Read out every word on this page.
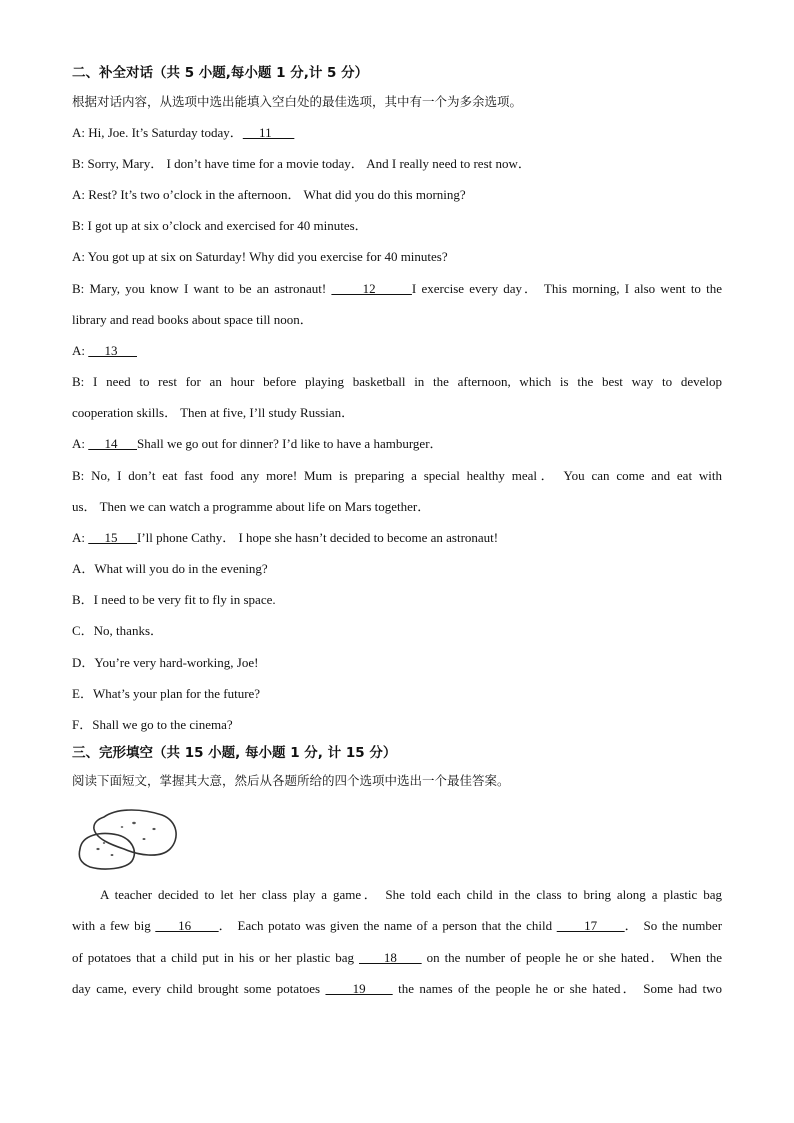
二、补全对话（共 5 小题,每小题 1 分,计 5 分）
根据对话内容，从选项中选出能填入空白处的最佳选项，其中有一个为多余选项。
A: Hi, Joe. It’s Saturday today．     11
B: Sorry, Mary． I don’t have time for a movie today． And I really need to rest now．
A: Rest? It’s two o’clock in the afternoon． What did you do this morning?
B: I got up at six o’clock and exercised for 40 minutes．
A: You got up at six on Saturday! Why did you exercise for 40 minutes?
B: Mary, you know I want to be an astronaut!       12       I exercise every day． This morning, I also went to the
library and read books about space till noon．
A:      13
B: I need to rest for an hour before playing basketball in the afternoon, which is the best way to develop
cooperation skills． Then at five, I’ll study Russian．
A:      14      Shall we go out for dinner? I’d like to have a hamburger．
B: No, I don’t eat fast food any more! Mum is preparing a special healthy meal． You can come and eat with
us． Then we can watch a programme about life on Mars together．
A:      15      I’ll phone Cathy． I hope she hasn’t decided to become an astronaut!
A．What will you do in the evening?
B．I need to be very fit to fly in space.
C．No, thanks．
D．You’re very hard-working, Joe!
E．What’s your plan for the future?
F．Shall we go to the cinema?
三、完形填空（共 15 小题, 每小题 1 分, 计 15 分）
阅读下面短文，掌握其大意，然后从各题所给的四个选项中选出一个最佳答案。
A teacher decided to let her class play a game． She told each child in the class to bring along a plastic bag
with a few big      16      ． Each potato was given the name of a person that the child       17      ． So the number
of potatoes that a child put in his or her plastic bag      18      on the number of people he or she hated． When the
day came, every child brought some potatoes      19      the names of the people he or she hated． Some had two
